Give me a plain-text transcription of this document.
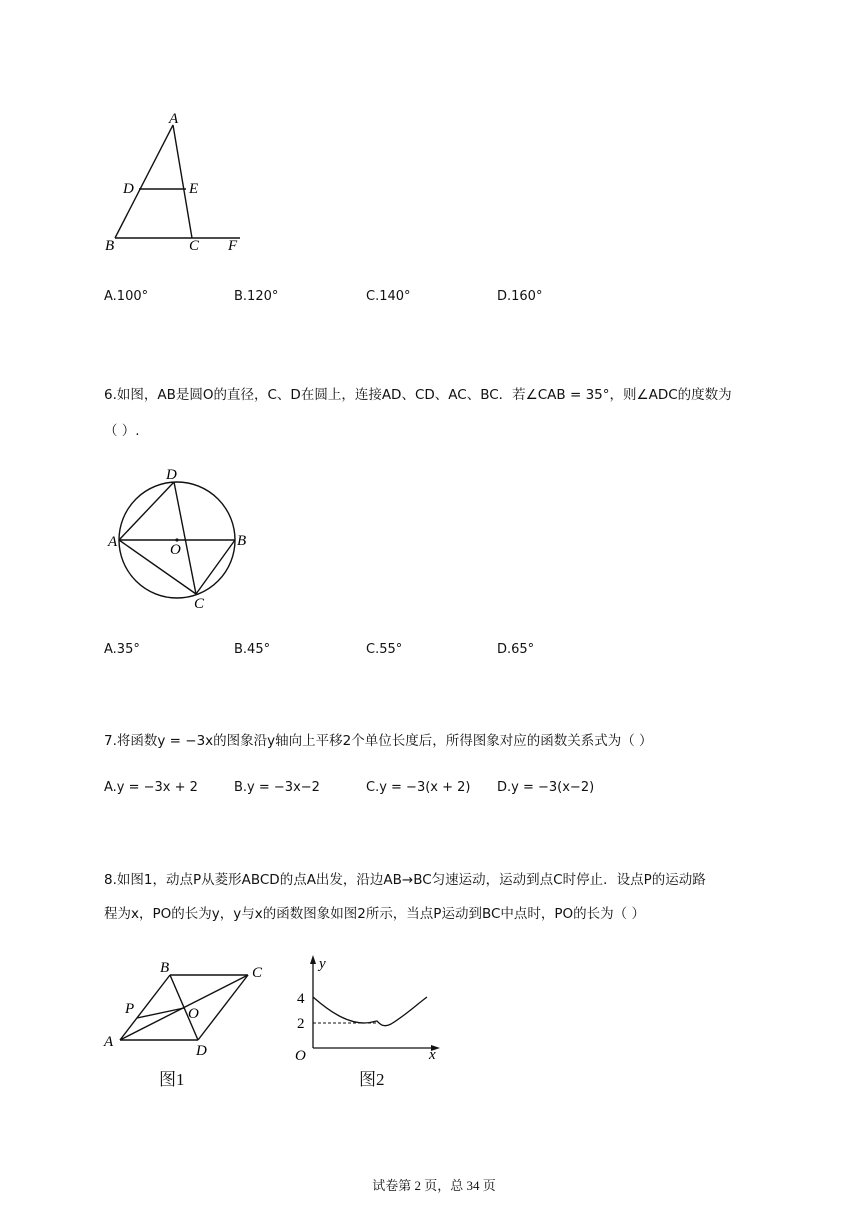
A
D	E
B	C F
A.100°	B.120°	C.140°	D.160°
6.如图，AB是圆O的直径，C、D在圆上，连接AD、CD、AC、BC．若∠CAB = 35°，则∠ADC的度数为
（ ）.
D
A	O
B
C
A.35°	B.45°	C.55°	D.65°
7.将函数y = −3x的图象沿y轴向上平移2个单位长度后，所得图象对应的函数关系式为（ ）
A.y = −3x + 2	B.y = −3x−2	C.y = −3(x + 2) D.y = −3(x−2)
8.如图1，动点P从菱形ABCD的点A出发，沿边AB→BC匀速运动，运动到点C时停止．设点P的运动路
程为x，PO的长为y，y与x的函数图象如图2所示，当点P运动到BC中点时，PO的长为（ ）
B	C
P	O
A
D
y
x
O
4
2
图1	图2
试卷第 2 页，总 34 页
